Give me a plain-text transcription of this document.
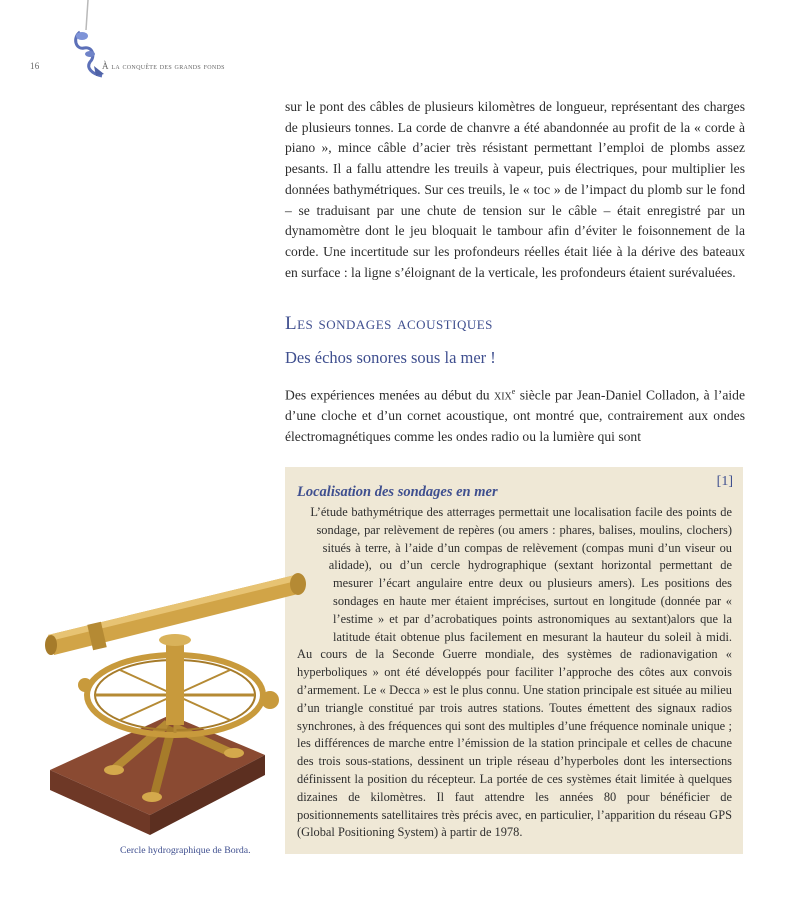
16	À la conquête des grands fonds

sur le pont des câbles de plusieurs kilomètres de longueur, représentant des charges de plusieurs tonnes. La corde de chanvre a été abandonnée au profit de la « corde à piano », mince câble d’acier très résistant permettant l’emploi de plombs assez pesants. Il a fallu attendre les treuils à vapeur, puis électriques, pour multiplier les données bathymétriques. Sur ces treuils, le « toc » de l’impact du plomb sur le fond – se traduisant par une chute de tension sur le câble – était enregistré par un dynamomètre dont le jeu bloquait le tambour afin d’éviter le foisonnement de la corde. Une incertitude sur les profondeurs réelles était liée à la dérive des bateaux en surface : la ligne s’éloignant de la verticale, les profondeurs étaient surévaluées.

Les sondages acoustiques
Des échos sonores sous la mer !

Des expériences menées au début du xix$^e$ siècle par Jean-Daniel Colladon, à l’aide d’une cloche et d’un cornet acoustique, ont montré que, contrairement aux ondes électromagnétiques comme les ondes radio ou la lumière qui sont

[1]
Localisation des sondages en mer

L’étude bathymétrique des atterrages permettait une localisation facile des points de sondage, par relèvement de repères (ou amers : phares, balises, moulins, clochers) situés à terre, à l’aide d’un compas de relèvement (compas muni d’un viseur ou alidade), ou d’un cercle hydrographique (sextant horizontal permettant de mesurer l’écart angulaire entre deux ou plusieurs amers). Les positions des sondages en haute mer étaient imprécises, surtout en longitude (donnée par « l’estime » et par d’acrobatiques points astronomiques au sextant)alors que la latitude était obtenue plus facilement en mesurant la hauteur du soleil à midi. Au cours de la Seconde Guerre mondiale, des systèmes de radionavigation « hyperboliques » ont été développés pour faciliter l’approche des côtes aux convois d’armement. Le « Decca » est le plus connu. Une station principale est située au milieu d’un triangle constitué par trois autres stations. Toutes émettent des signaux radios synchrones, à des fréquences qui sont des multiples d’une fréquence nominale unique ; les différences de marche entre l’émission de la station principale et celles de chacune des trois sous-stations, dessinent un triple réseau d’hyperboles dont les intersections définissent la position du récepteur. La portée de ces systèmes était limitée à quelques dizaines de kilomètres. Il faut attendre les années 80 pour bénéficier de positionnements satellitaires très précis avec, en particulier, l’apparition du réseau GPS (Global Positioning System) à partir de 1978.

Cercle hydrographique de Borda.
